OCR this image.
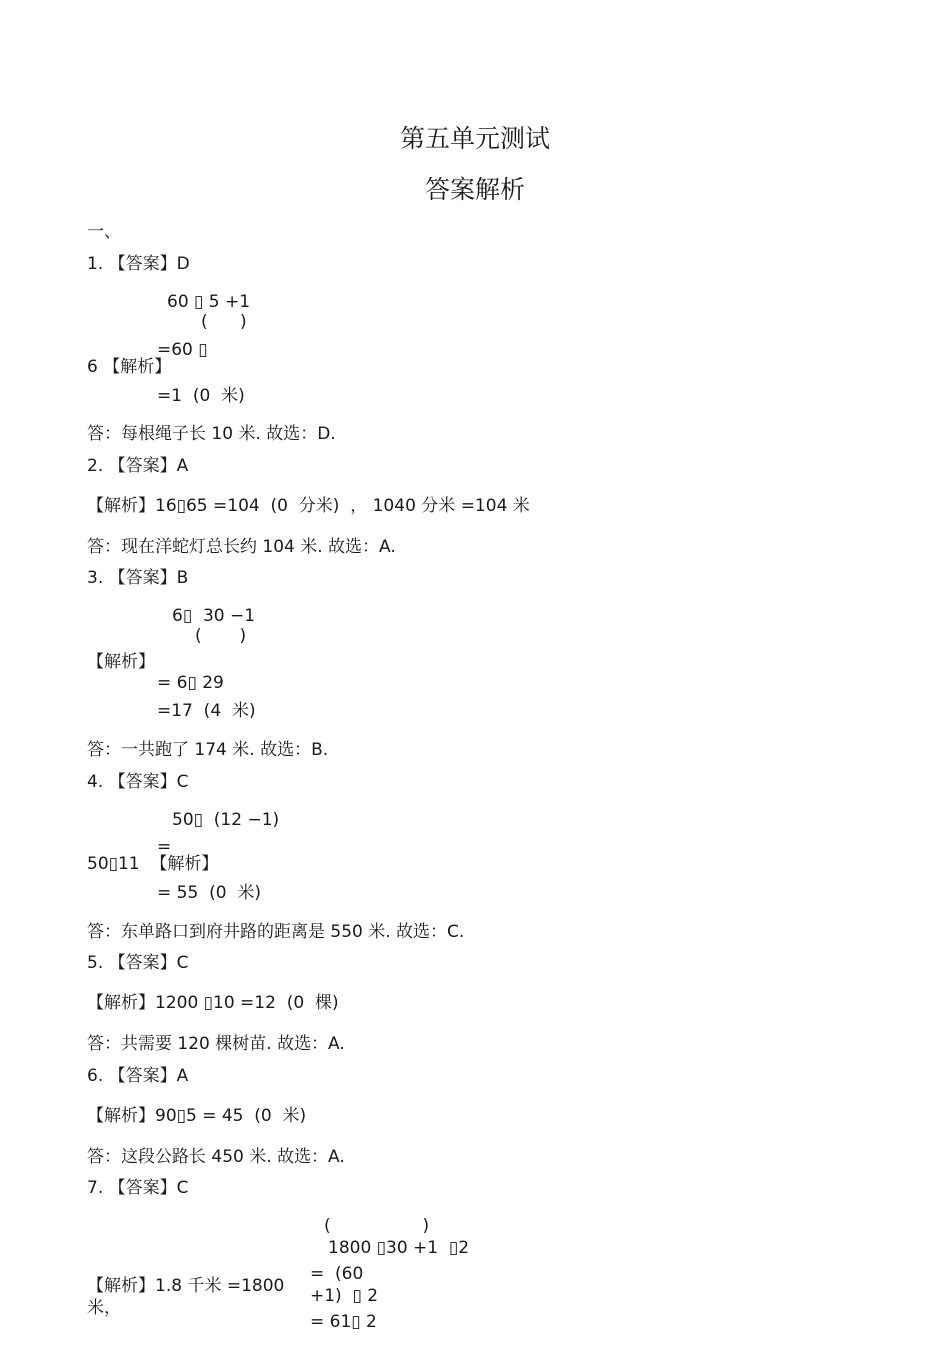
第五单元测试
答案解析
一、
1. 【答案】D
60 ▯ 5 +1
(      )
=60 ▯
6 【解析】
=1  (0  米)
答：每根绳子长 10 米. 故选：D.
2. 【答案】A
【解析】16▯65 =104  (0  分米)  ， 1040 分米 =104 米
答：现在洋蛇灯总长约 104 米. 故选：A.
3. 【答案】B
6▯  30 −1
(       )
【解析】
= 6▯ 29
=17  (4  米)
答：一共跑了 174 米. 故选：B.
4. 【答案】C
50▯  (12 −1)
=
50▯11  【解析】
= 55  (0  米)
答：东单路口到府井路的距离是 550 米. 故选：C.
5. 【答案】C
【解析】1200 ▯10 =12  (0  棵)
答：共需要 120 棵树苗. 故选：A.
6. 【答案】A
【解析】90▯5 = 45  (0  米)
答：这段公路长 450 米. 故选：A.
7. 【答案】C
(                 )
1800 ▯30 +1  ▯2
【解析】1.8 千米 =1800
米，
=  (60
+1)  ▯ 2
= 61▯ 2
